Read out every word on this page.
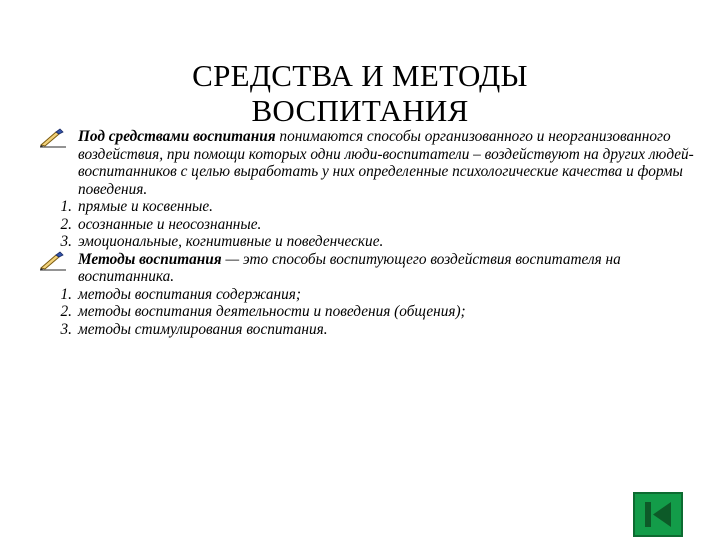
СРЕДСТВА И МЕТОДЫ
ВОСПИТАНИЯ
Под средствами воспитания понимаются способы организованного и неорганизованного воздействия, при помощи которых одни люди-воспитатели – воздействуют на других людей-воспитанников с целью выработать у них определенные психологические качества и формы поведения.
1. прямые и косвенные.
2. осознанные и неосознанные.
3. эмоциональные, когнитивные и поведенческие.
Методы воспитания — это способы воспитующего воздействия воспитателя на воспитанника.
1. методы воспитания содержания;
2. методы воспитания деятельности и поведения (общения);
3. методы стимулирования воспитания.
